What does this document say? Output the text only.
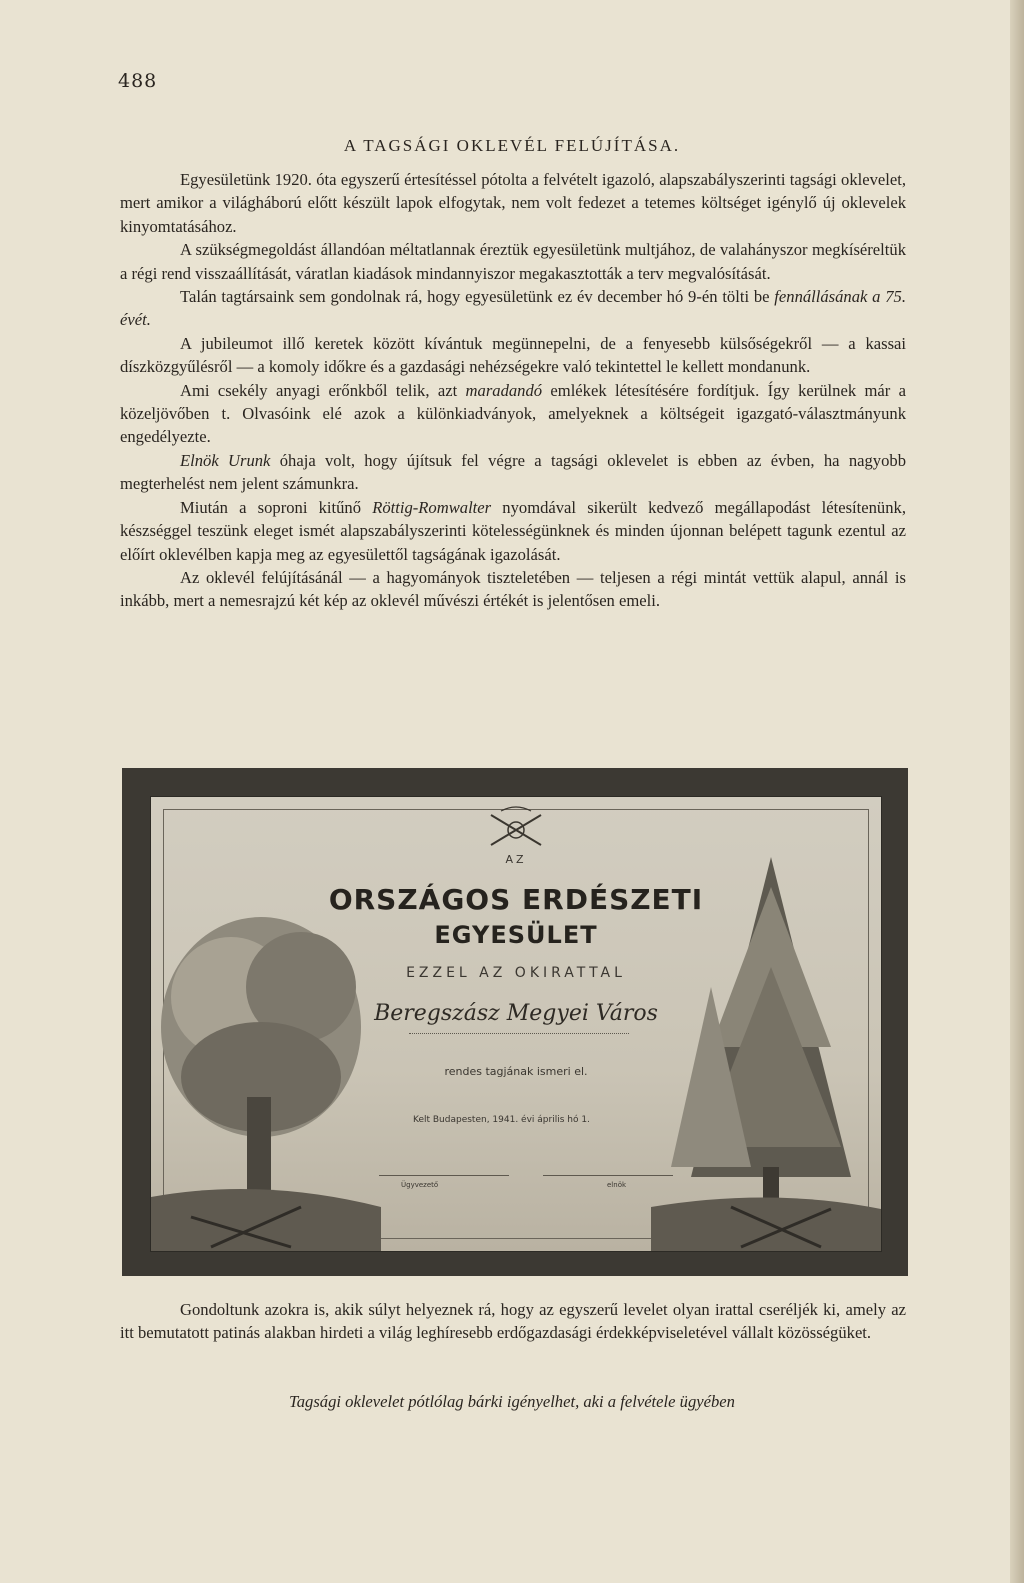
488
A TAGSÁGI OKLEVÉL FELÚJÍTÁSA.

Egyesületünk 1920. óta egyszerű értesítéssel pótolta a felvételt igazoló, alapszabályszerinti tagsági oklevelet, mert amikor a világháború előtt készült lapok elfogytak, nem volt fedezet a tetemes költséget igénylő új oklevelek kinyomtatásához.

A szükségmegoldást állandóan méltatlannak éreztük egyesületünk multjához, de valahányszor megkíséreltük a régi rend visszaállítását, váratlan kiadások mindannyiszor megakasztották a terv megvalósítását.

Talán tagtársaink sem gondolnak rá, hogy egyesületünk ez év december hó 9-én tölti be fennállásának a 75. évét.

A jubileumot illő keretek között kívántuk megünnepelni, de a fenyesebb külsőségekről — a kassai díszközgyűlésről — a komoly időkre és a gazdasági nehézségekre való tekintettel le kellett mondanunk.

Ami csekély anyagi erőnkből telik, azt maradandó emlékek létesítésére fordítjuk. Így kerülnek már a közeljövőben t. Olvasóink elé azok a különkiadványok, amelyeknek a költségeit igazgató-választmányunk engedélyezte.

Elnök Urunk óhaja volt, hogy újítsuk fel végre a tagsági oklevelet is ebben az évben, ha nagyobb megterhelést nem jelent számunkra.

Miután a soproni kitűnő Röttig-Romwalter nyomdával sikerült kedvező megállapodást létesítenünk, készséggel teszünk eleget ismét alapszabályszerinti kötelességünknek és minden újonnan belépett tagunk ezentul az előírt oklevélben kapja meg az egyesülettől tagságának igazolását.

Az oklevél felújításánál — a hagyományok tiszteletében — teljesen a régi mintát vettük alapul, annál is inkább, mert a nemesrajzú két kép az oklevél művészi értékét is jelentősen emeli.

AZ
ORSZÁGOS ERDÉSZETI
EGYESÜLET
EZZEL AZ OKIRATTAL
Beregszász Megyei Város
rendes tagjának ismeri el.
Kelt Budapesten, 1941. évi április hó 1.
Ügyvezető	elnök

Gondoltunk azokra is, akik súlyt helyeznek rá, hogy az egyszerű levelet olyan irattal cseréljék ki, amely az itt bemutatott patinás alakban hirdeti a világ leghíresebb erdőgazdasági érdekképviseletével vállalt közösségüket.

Tagsági oklevelet pótlólag bárki igényelhet, aki a felvétele ügyében
